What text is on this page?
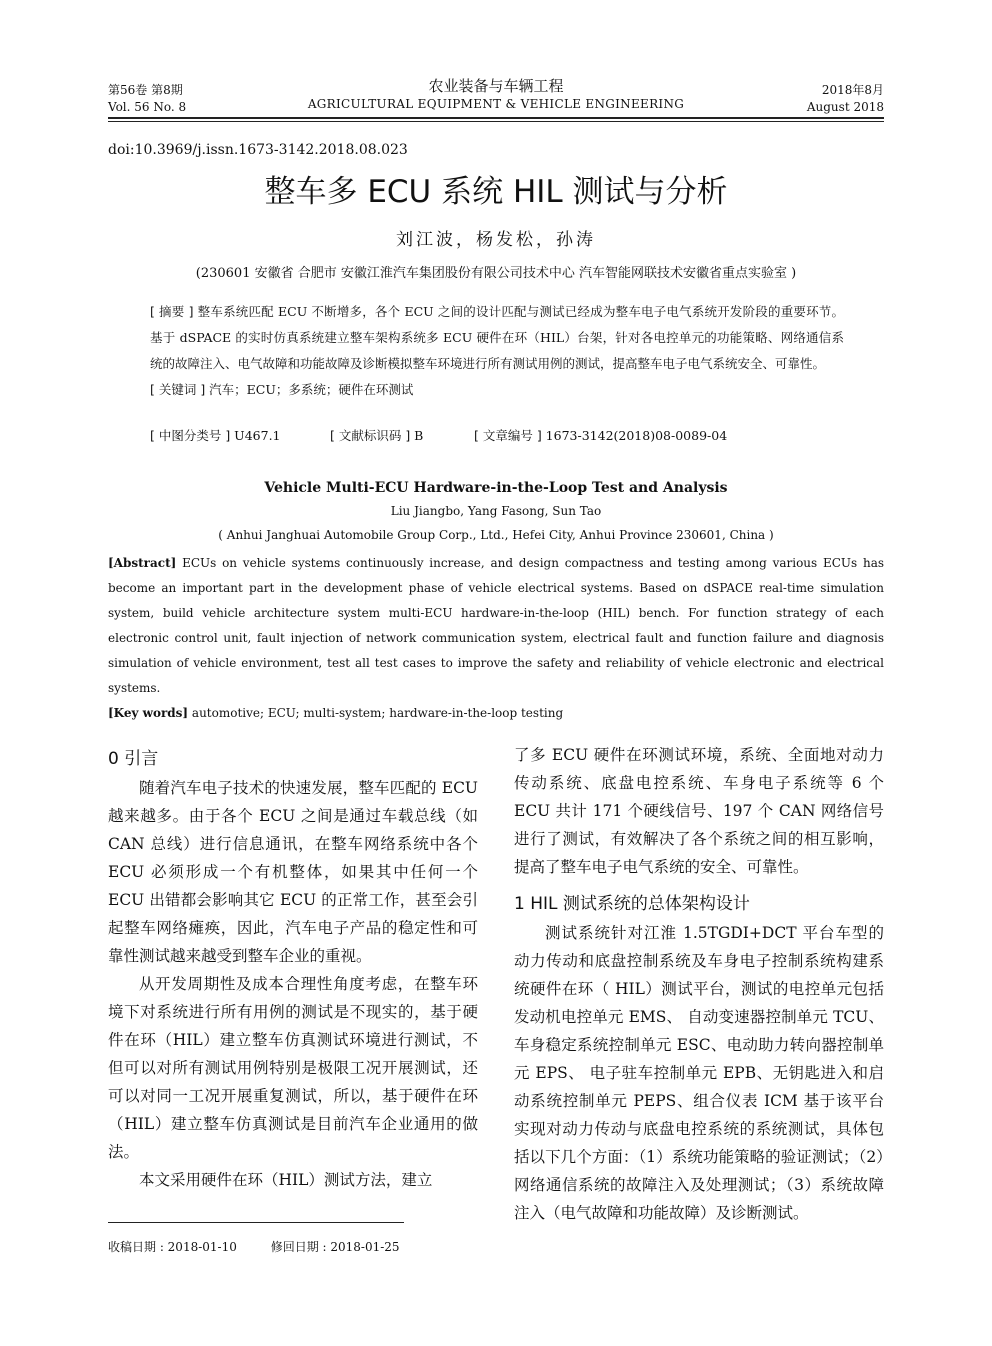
第56卷 第8期
Vol. 56 No. 8
农业装备与车辆工程
AGRICULTURAL EQUIPMENT & VEHICLE ENGINEERING
2018年8月
August 2018
doi:10.3969/j.issn.1673-3142.2018.08.023
整车多 ECU 系统 HIL 测试与分析
刘江波，杨发松，孙涛
(230601 安徽省 合肥市 安徽江淮汽车集团股份有限公司技术中心 汽车智能网联技术安徽省重点实验室 )

[ 摘要 ] 整车系统匹配 ECU 不断增多，各个 ECU 之间的设计匹配与测试已经成为整车电子电气系统开发阶段的重要环节。基于 dSPACE 的实时仿真系统建立整车架构系统多 ECU 硬件在环（HIL）台架，针对各电控单元的功能策略、网络通信系统的故障注入、电气故障和功能故障及诊断模拟整车环境进行所有测试用例的测试，提高整车电子电气系统安全、可靠性。

[ 关键词 ] 汽车；ECU；多系统；硬件在环测试

[ 中图分类号 ] U467.1	[ 文献标识码 ] B	[ 文章编号 ] 1673-3142(2018)08-0089-04
Vehicle Multi-ECU Hardware-in-the-Loop Test and Analysis
Liu Jiangbo, Yang Fasong, Sun Tao
( Anhui Janghuai Automobile Group Corp., Ltd., Hefei City, Anhui Province 230601, China )

[Abstract] ECUs on vehicle systems continuously increase, and design compactness and testing among various ECUs has become an important part in the development phase of vehicle electrical systems. Based on dSPACE real-time simulation system, build vehicle architecture system multi-ECU hardware-in-the-loop (HIL) bench. For function strategy of each electronic control unit, fault injection of network communication system, electrical fault and function failure and diagnosis simulation of vehicle environment, test all test cases to improve the safety and reliability of vehicle electronic and electrical systems.

[Key words] automotive; ECU; multi-system; hardware-in-the-loop testing

0 引言

随着汽车电子技术的快速发展，整车匹配的 ECU 越来越多。由于各个 ECU 之间是通过车载总线（如 CAN 总线）进行信息通讯，在整车网络系统中各个 ECU 必须形成一个有机整体，如果其中任何一个 ECU 出错都会影响其它 ECU 的正常工作，甚至会引起整车网络瘫痪，因此，汽车电子产品的稳定性和可靠性测试越来越受到整车企业的重视。

从开发周期性及成本合理性角度考虑，在整车环境下对系统进行所有用例的测试是不现实的，基于硬件在环（HIL）建立整车仿真测试环境进行测试，不但可以对所有测试用例特别是极限工况开展测试，还可以对同一工况开展重复测试，所以，基于硬件在环（HIL）建立整车仿真测试是目前汽车企业通用的做法。

本文采用硬件在环（HIL）测试方法，建立

了多 ECU 硬件在环测试环境，系统、全面地对动力传动系统、底盘电控系统、车身电子系统等 6 个 ECU 共计 171 个硬线信号、197 个 CAN 网络信号进行了测试，有效解决了各个系统之间的相互影响，提高了整车电子电气系统的安全、可靠性。

1 HIL 测试系统的总体架构设计

测试系统针对江淮 1.5TGDI+DCT 平台车型的动力传动和底盘控制系统及车身电子控制系统构建系统硬件在环（ HIL）测试平台，测试的电控单元包括发动机电控单元 EMS、 自动变速器控制单元 TCU、车身稳定系统控制单元 ESC、电动助力转向器控制单元 EPS、 电子驻车控制单元 EPB、无钥匙进入和启动系统控制单元 PEPS、组合仪表 ICM 基于该平台实现对动力传动与底盘电控系统的系统测试，具体包括以下几个方面：（1）系统功能策略的验证测试；（2）网络通信系统的故障注入及处理测试；（3）系统故障注入（电气故障和功能故障）及诊断测试。

收稿日期 : 2018-01-10	修回日期 : 2018-01-25
